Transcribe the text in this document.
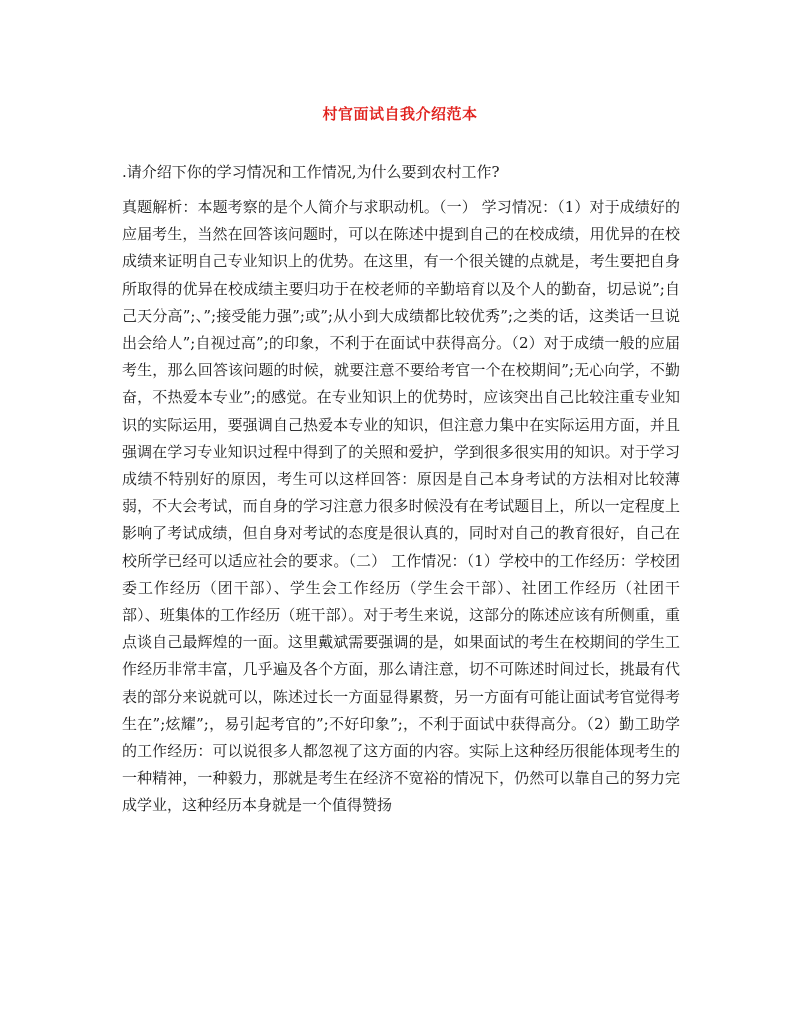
村官面试自我介绍范本
.请介绍下你的学习情况和工作情况,为什么要到农村工作?
真题解析：本题考察的是个人简介与求职动机。（一） 学习情况：（1）对于成绩好的应届考生，当然在回答该问题时，可以在陈述中提到自己的在校成绩，用优异的在校成绩来证明自己专业知识上的优势。在这里，有一个很关键的点就是，考生要把自身所取得的优异在校成绩主要归功于在校老师的辛勤培育以及个人的勤奋，切忌说”;自己天分高”;、”;接受能力强”;或”;从小到大成绩都比较优秀”;之类的话，这类话一旦说出会给人”;自视过高”;的印象，不利于在面试中获得高分。（2）对于成绩一般的应届考生，那么回答该问题的时候，就要注意不要给考官一个在校期间”;无心向学，不勤奋，不热爱本专业”;的感觉。在专业知识上的优势时，应该突出自己比较注重专业知识的实际运用，要强调自己热爱本专业的知识，但注意力集中在实际运用方面，并且强调在学习专业知识过程中得到了的关照和爱护，学到很多很实用的知识。对于学习成绩不特别好的原因，考生可以这样回答：原因是自己本身考试的方法相对比较薄弱，不大会考试，而自身的学习注意力很多时候没有在考试题目上，所以一定程度上影响了考试成绩，但自身对考试的态度是很认真的，同时对自己的教育很好，自己在校所学已经可以适应社会的要求。（二） 工作情况：（1）学校中的工作经历：学校团委工作经历（团干部）、学生会工作经历（学生会干部）、社团工作经历（社团干部）、班集体的工作经历（班干部）。对于考生来说，这部分的陈述应该有所侧重，重点谈自己最辉煌的一面。这里戴斌需要强调的是，如果面试的考生在校期间的学生工作经历非常丰富，几乎遍及各个方面，那么请注意，切不可陈述时间过长，挑最有代表的部分来说就可以，陈述过长一方面显得累赘，另一方面有可能让面试考官觉得考生在”;炫耀”;，易引起考官的”;不好印象”;，不利于面试中获得高分。（2）勤工助学的工作经历：可以说很多人都忽视了这方面的内容。实际上这种经历很能体现考生的一种精神，一种毅力，那就是考生在经济不宽裕的情况下，仍然可以靠自己的努力完成学业，这种经历本身就是一个值得赞扬
